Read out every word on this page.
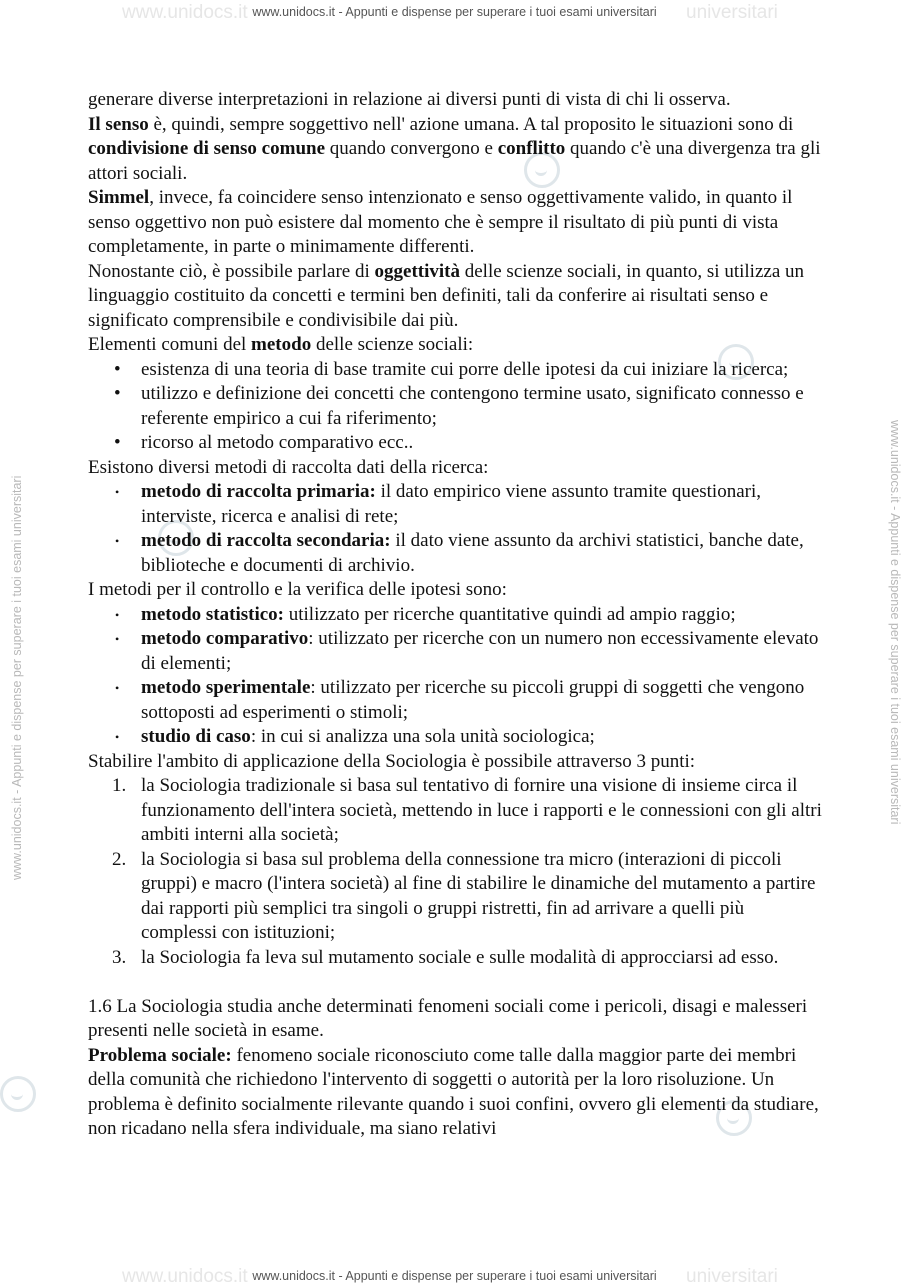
www.unidocs.it	universitari
www.unidocs.it - Appunti e dispense per superare i tuoi esami universitari
www.unidocs.it	universitari
www.unidocs.it - Appunti e dispense per superare i tuoi esami universitari
www.unidocs.it - Appunti e dispense per superare i tuoi esami universitari	www.unidocs.it - Appunti e dispense per superare i tuoi esami universitari

generare diverse interpretazioni in relazione ai diversi punti di vista di chi li osserva.

Il senso è, quindi, sempre soggettivo nell' azione umana. A tal proposito le situazioni sono di condivisione di senso comune quando convergono e conflitto quando c'è una divergenza tra gli attori sociali.

Simmel, invece, fa coincidere senso intenzionato e senso oggettivamente valido, in quanto il senso oggettivo non può esistere dal momento che è sempre il risultato di più punti di vista completamente, in parte o minimamente differenti.

Nonostante ciò, è possibile parlare di oggettività delle scienze sociali, in quanto, si utilizza un linguaggio costituito da concetti e termini ben definiti, tali da conferire ai risultati senso e significato comprensibile e condivisibile dai più.

Elementi comuni del metodo delle scienze sociali:

• esistenza di una teoria di base tramite cui porre delle ipotesi da cui iniziare la ricerca;
• utilizzo e definizione dei concetti che contengono termine usato, significato connesso e referente empirico a cui fa riferimento;
• ricorso al metodo comparativo ecc..

Esistono diversi metodi di raccolta dati della ricerca:

• metodo di raccolta primaria: il dato empirico viene assunto tramite questionari, interviste, ricerca e analisi di rete;
• metodo di raccolta secondaria: il dato viene assunto da archivi statistici, banche date, biblioteche e documenti di archivio.

I metodi per il controllo e la verifica delle ipotesi sono:

• metodo statistico: utilizzato per ricerche quantitative quindi ad ampio raggio;
• metodo comparativo: utilizzato per ricerche con un numero non eccessivamente elevato di elementi;
• metodo sperimentale: utilizzato per ricerche su piccoli gruppi di soggetti che vengono sottoposti ad esperimenti o stimoli;
• studio di caso: in cui si analizza una sola unità sociologica;

Stabilire l'ambito di applicazione della Sociologia è possibile attraverso 3 punti:

1. la Sociologia tradizionale si basa sul tentativo di fornire una visione di insieme circa il funzionamento dell'intera società, mettendo in luce i rapporti e le connessioni con gli altri ambiti interni alla società;
2. la Sociologia si basa sul problema della connessione tra micro (interazioni di piccoli gruppi) e macro (l'intera società) al fine di stabilire le dinamiche del mutamento a partire dai rapporti più semplici tra singoli o gruppi ristretti, fin ad arrivare a quelli più complessi con istituzioni;
3. la Sociologia fa leva sul mutamento sociale e sulle modalità di approcciarsi ad esso.

1.6 La Sociologia studia anche determinati fenomeni sociali come i pericoli, disagi e malesseri presenti nelle società in esame.

Problema sociale: fenomeno sociale riconosciuto come talle dalla maggior parte dei membri della comunità che richiedono l'intervento di soggetti o autorità per la loro risoluzione. Un problema è definito socialmente rilevante quando i suoi confini, ovvero gli elementi da studiare, non ricadano nella sfera individuale, ma siano relativi
